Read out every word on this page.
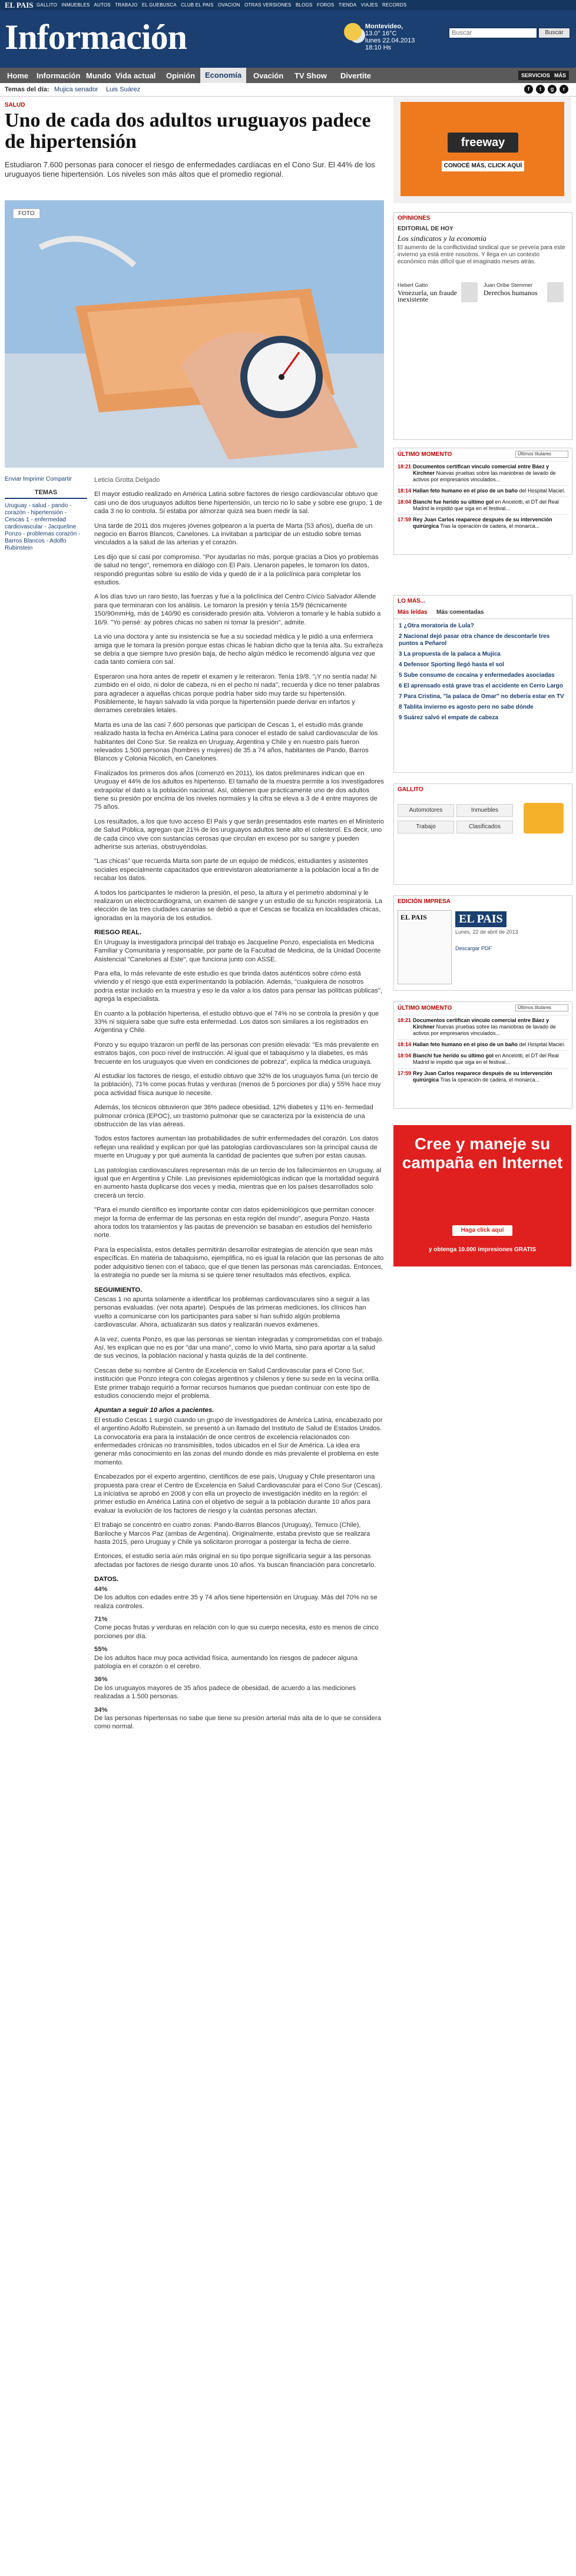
EL PAIS GALLITO INMUEBLES AUTOS TRABAJO EL GUEBUSCA CLUB EL PAIS OVACION OTRAS VERSIONES BLOGS FOROS TIENDA VIAJES RECORDS
Información	Montevideo,
13.0° 16°C
lunes 22.04.2013
18:10 Hs
Buscar
Buscar
Home Información Mundo Vida actual Opinión	Economía	Ovación TV Show Divertite	SERVICIOS MÁS
Temas del día: Mujica senador Luis Suárez	f	t	g	r
SALUD
Uno de cada dos adultos uruguayos padece de hipertensión
Estudiaron 7.600 personas para conocer el riesgo de enfermedades cardíacas en el Cono Sur. El 44% de los uruguayos tiene hipertensión. Los niveles son más altos que el promedio regional.
FOTO
Enviar Imprimir Compartir
TEMAS
Uruguay - salud - pando - corazón - hipertensión - Cescas 1 - enfermedad cardiovascular - Jacqueline Ponzo - problemas corazón - Barros Blancos - Adolfo Rubinstein

Leticia Grotta Delgado

El mayor estudio realizado en América Latina sobre factores de riesgo cardiovascular obtuvo que casi uno de dos uruguayos adultos tiene hipertensión, un tercio no lo sabe y sobre ese grupo, 1 de cada 3 no lo controla. Si estaba por almorzar quizá sea buen medir la sal.

Una tarde de 2011 dos mujeres jóvenes golpearon a la puerta de Marta (53 años), dueña de un negocio en Barros Blancos, Canelones. La invitaban a participar de un estudio sobre temas vinculados a la salud de las arterias y el corazón.

Les dijo que sí casi por compromiso. "Por ayudarlas no más, porque gracias a Dios yo problemas de salud no tengo", rememora en diálogo con El País. Llenaron papeles, le tomaron los datos, respondió preguntas sobre su estilo de vida y quedó de ir a la policlínica para completar los estudios.

A los días tuvo un raro tiesto, las fuerzas y fue a la policlínica del Centro Cívico Salvador Allende para que terminaran con los análisis. Le tomaron la presión y tenía 15/9 (técnicamente 150/90mmHg, más de 140/90 es considerado presión alta. Volvieron a tomarle y le había subido a 16/9. "Yo pensé: ay pobres chicas no saben ni tomar la presión", admite.

La vio una doctora y ante su insistencia se fue a su sociedad médica y le pidió a una enfermera amiga que le tomara la presión porque estas chicas le habían dicho que la tenía alta. Su extrañeza se debía a que siempre tuvo presión baja, de hecho algún médico le recomendó alguna vez que cada tanto comiera con sal.

Esperaron una hora antes de repetir el examen y le reiteraron. Tenía 19/8. "¡Y no sentía nada! Ni zumbido en el oído, ni dolor de cabeza, ni en el pecho ni nada", recuerda y dice no tener palabras para agradecer a aquellas chicas porque podría haber sido muy tarde su hipertensión. Posiblemente, le hayan salvado la vida porque la hipertensión puede derivar en infartos y derrames cerebrales letales.

Marta es una de las casi 7.600 personas que participan de Cescas 1, el estudio más grande realizado hasta la fecha en América Latina para conocer el estado de salud cardiovascular de los habitantes del Cono Sur. Se realiza en Uruguay, Argentina y Chile y en nuestro país fueron relevados 1.500 personas (hombres y mujeres) de 35 a 74 años, habitantes de Pando, Barros Blancos y Colonia Nicolich, en Canelones.

Finalizados los primeros dos años (comenzó en 2011), los datos preliminares indican que en Uruguay el 44% de los adultos es hipertenso. El tamaño de la muestra permite a los investigadores extrapolar el dato a la población nacional. Así, obtienen que prácticamente uno de dos adultos tiene su presión por encima de los niveles normales y la cifra se eleva a 3 de 4 entre mayores de 75 años.

Los resultados, a los que tuvo acceso El País y que serán presentados este martes en el Ministerio de Salud Pública, agregan que 21% de los uruguayos adultos tiene alto el colesterol. Es decir, uno de cada cinco vive con sustancias cerosas que circulan en exceso por su sangre y pueden adherirse sus arterias, obstruyéndolas.

"Las chicas" que recuerda Marta son parte de un equipo de médicos, estudiantes y asistentes sociales especialmente capacitados que entrevistaron aleatoriamente a la población local a fin de recabar los datos.

A todos los participantes le midieron la presión, el peso, la altura y el perímetro abdominal y le realizaron un electrocardiograma, un examen de sangre y un estudio de su función respiratoria. La elección de las tres ciudades canarias se debió a que el Cescas se focaliza en localidades chicas, ignoradas en la mayoría de los estudios.

RIESGO REAL.

En Uruguay la investigadora principal del trabajo es Jacqueline Ponzo, especialista en Medicina Familiar y Comunitaria y responsable, por parte de la Facultad de Medicina, de la Unidad Docente Asistencial "Canelones al Este", que funciona junto con ASSE.

Para ella, lo más relevante de este estudio es que brinda datos auténticos sobre cómo está viviendo y el riesgo que está experimentando la población. Además, "cualquiera de nosotros podría estar incluido en la muestra y eso le da valor a los datos para pensar las políticas públicas", agrega la especialista.

En cuanto a la población hipertensa, el estudio obtuvo que el 74% no se controla la presión y que 33% ni siquiera sabe que sufre esta enfermedad. Los datos son similares a los registrados en Argentina y Chile.

Ponzo y su equipo trazaron un perfil de las personas con presión elevada: "Es más prevalente en estratos bajos, con poco nivel de instrucción. Al igual que el tabaquismo y la diabetes, es más frecuente en los uruguayos que viven en condiciones de pobreza", explica la médica uruguaya.

Al estudiar los factores de riesgo, el estudio obtuvo que 32% de los uruguayos fuma (un tercio de la población), 71% come pocas frutas y verduras (menos de 5 porciones por día) y 55% hace muy poca actividad física aunque lo necesite.

Además, los técnicos obtuvieron que 36% padece obesidad, 12% diabetes y 11% en- fermedad pulmonar crónica (EPOC), un trastorno pulmonar que se caracteriza por la existencia de una obstrucción de las vías aéreas.

Todos estos factores aumentan las probabilidades de sufrir enfermedades del corazón. Los datos reflejan una realidad y explican por qué las patologías cardiovasculares son la principal causa de muerte en Uruguay y por qué aumenta la cantidad de pacientes que sufren por estas causas.

Las patologías cardiovasculares representan más de un tercio de los fallecimientos en Uruguay, al igual que en Argentina y Chile. Las previsiones epidemiológicas indican que la mortalidad seguirá en aumento hasta duplicarse dos veces y media, mientras que en los países desarrollados solo crecerá un tercio.

"Para el mundo científico es importante contar con datos epidemiológicos que permitan conocer mejor la forma de enfermar de las personas en esta región del mundo", asegura Ponzo. Hasta ahora todos los tratamientos y las pautas de prevención se basaban en estudios del hemisferio norte.

Para la especialista, estos detalles permitirán desarrollar estrategias de atención que sean más específicas. En materia de tabaquismo, ejemplifica, no es igual la relación que las personas de alto poder adquisitivo tienen con el tabaco, que el que tienen las personas más carenciadas. Entonces, la estrategia no puede ser la misma si se quiere tener resultados más efectivos, explica.

SEGUIMIENTO.

Cescas 1 no apunta solamente a identificar los problemas cardiovasculares sino a seguir a las personas evaluadas. (ver nota aparte). Después de las primeras mediciones, los clínicos han vuelto a comunicarse con los participantes para saber si han sufrido algún problema cardiovascular. Ahora, actualizarán sus datos y realizarán nuevos exámenes.

A la vez, cuenta Ponzo, es que las personas se sientan integradas y comprometidas con el trabajo. Así, les explican que no es por "dar una mano", como lo vivió Marta, sino para aportar a la salud de sus vecinos, la población nacional y hasta quizás de la del continente.

Cescas debe su nombre al Centro de Excelencia en Salud Cardiovascular para el Cono Sur, institución que Ponzo integra con colegas argentinos y chilenos y tiene su sede en la vecina orilla. Este primer trabajo requirió a formar recursos humanos que puedan continuar con este tipo de estudios conociendo mejor el problema.

Apuntan a seguir 10 años a pacientes.

El estudio Cescas 1 surgió cuando un grupo de investigadores de América Latina, encabezado por el argentino Adolfo Rubinstein, se presentó a un llamado del Instituto de Salud de Estados Unidos. La convocatoria era para la instalación de once centros de excelencia relacionados con enfermedades crónicas no transmisibles, todos ubicados en el Sur de América. La idea era generar más conocimiento en las zonas del mundo donde es más prevalente el problema en este momento.

Encabezados por el experto argentino, científicos de ese país, Uruguay y Chile presentaron una propuesta para crear el Centro de Excelencia en Salud Cardiovascular para el Cono Sur (Cescas). La iniciativa se aprobó en 2008 y con ella un proyecto de investigación inédito en la región: el primer estudio en América Latina con el objetivo de seguir a la población durante 10 años para evaluar la evolución de los factores de riesgo y la cuántas personas afectan.

El trabajo se concentró en cuatro zonas: Pando-Barros Blancos (Uruguay), Temuco (Chile), Bariloche y Marcos Paz (ambas de Argentina). Originalmente, estaba previsto que se realizara hasta 2015, pero Uruguay y Chile ya solicitaron prorrogar a postergar la fecha de cierre.

Entonces, el estudio sería aún más original en su tipo porque significaría seguir a las personas afectadas por factores de riesgo durante unos 10 años. Ya buscan financiación para concretarlo.

DATOS.

44%
De los adultos con edades entre 35 y 74 años tiene hipertensión en Uruguay. Más del 70% no se realiza controles.

71%
Come pocas frutas y verduras en relación con lo que su cuerpo necesita, esto es menos de cinco porciones por día.

55%
De los adultos hace muy poca actividad física, aumentando los riesgos de padecer alguna patología en el corazón o el cerebro.

36%
De los uruguayos mayores de 35 años padece de obesidad, de acuerdo a las mediciones realizadas a 1.500 personas.

34%
De las personas hipertensas no sabe que tiene su presión arterial más alta de lo que se considera como normal.

freeway
CONOCÉ MÁS, CLICK AQUÍ
OPINIONES
EDITORIAL DE HOY
Los sindicatos y la economía
El aumento de la conflictividad sindical que se preveía para este invierno ya está entre nosotros. Y llega en un contexto económico más difícil que el imaginado meses atrás.
Hebert Gatto
Venezuela, un fraude inexistente
Juan Oribe Stemmer
Derechos humanos
ÚLTIMO MOMENTO	Últimos titulares
18:21 Documentos certifican vínculo comercial entre Báez y Kirchner Nuevas pruebas sobre las maniobras de lavado de activos por empresarios vinculados...
18:14 Hallan feto humano en el piso de un baño del Hospital Maciel.
18:04 Bianchi fue herido su último gol en Ancelotti, el DT del Real Madrid le impidió que siga en el festival...
17:59 Rey Juan Carlos reaparece después de su intervención quirúrgica Tras la operación de cadera, el monarca...
LO MÁS...
Más leídas Más comentadas
1 ¿Otra moratoria de Lula?
2 Nacional dejó pasar otra chance de descontarle tres puntos a Peñarol
3 La propuesta de la palaca a Mujica
4 Defensor Sporting llegó hasta el sol
5 Sube consumo de cocaína y enfermedades asociadas
6 El aprensado está grave tras el accidente en Cerro Largo
7 Para Cristina, "la palaca de Omar" no debería estar en TV
8 Tablita invierno es agosto pero no sabe dónde
9 Suárez salvó el empate de cabeza
GALLITO
Automotores	Inmuebles
Trabajo	Clasificados
EDICIÓN IMPRESA
EL PAIS	EL PAIS
Lunes, 22 de abril de 2013
Descargar PDF
ÚLTIMO MOMENTO	Últimos titulares
18:21 Documentos certifican vínculo comercial entre Báez y Kirchner Nuevas pruebas sobre las maniobras de lavado de activos por empresarios vinculados...
18:14 Hallan feto humano en el piso de un baño del Hospital Maciel.
18:04 Bianchi fue herido su último gol en Ancelotti, el DT del Real Madrid le impidió que siga en el festival...
17:59 Rey Juan Carlos reaparece después de su intervención quirúrgica Tras la operación de cadera, el monarca...
Cree y maneje su campaña en Internet
Haga click aquí
y obtenga 10.000 impresiones GRATIS
